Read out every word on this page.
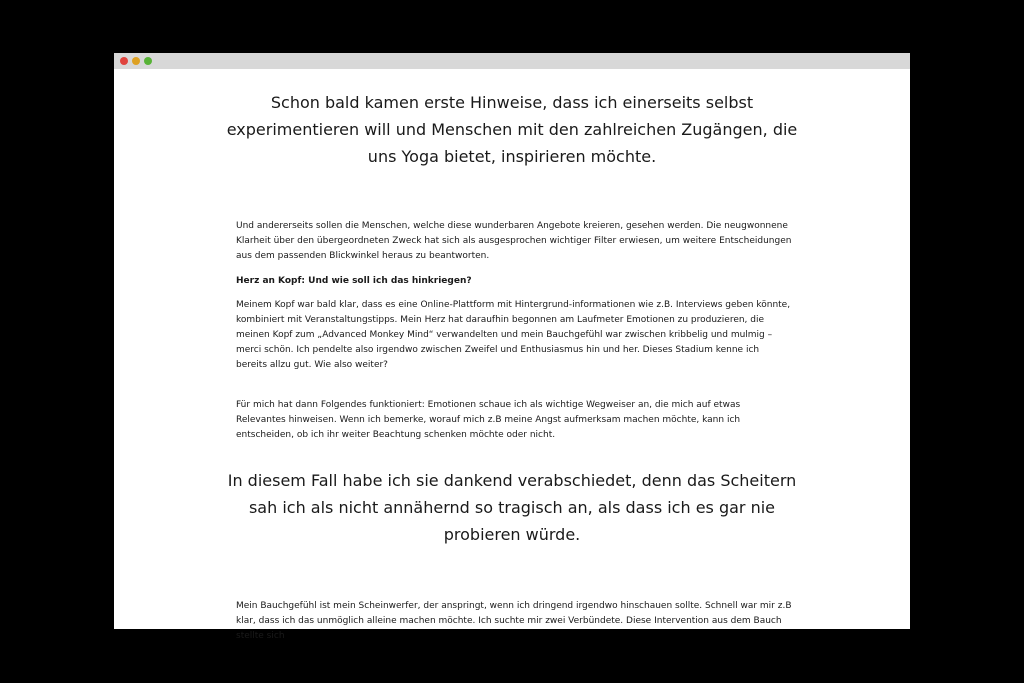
Schon bald kamen erste Hinweise, dass ich einerseits selbst experimentieren will und Menschen mit den zahlreichen Zugängen, die uns Yoga bietet, inspirieren möchte.

Und andererseits sollen die Menschen, welche diese wunderbaren Angebote kreieren, gesehen werden. Die neugwonnene Klarheit über den übergeordneten Zweck hat sich als ausgesprochen wichtiger Filter erwiesen, um weitere Entscheidungen aus dem passenden Blickwinkel heraus zu beantworten.

Herz an Kopf: Und wie soll ich das hinkriegen?

Meinem Kopf war bald klar, dass es eine Online-Plattform mit Hintergrund-informationen wie z.B. Interviews geben könnte, kombiniert mit Veranstaltungstipps. Mein Herz hat daraufhin begonnen am Laufmeter Emotionen zu produzieren, die meinen Kopf zum „Advanced Monkey Mind“ verwandelten und mein Bauchgefühl war zwischen kribbelig und mulmig – merci schön. Ich pendelte also irgendwo zwischen Zweifel und Enthusiasmus hin und her. Dieses Stadium kenne ich bereits allzu gut. Wie also weiter?

Für mich hat dann Folgendes funktioniert: Emotionen schaue ich als wichtige Wegweiser an, die mich auf etwas Relevantes hinweisen. Wenn ich bemerke, worauf mich z.B meine Angst aufmerksam machen möchte, kann ich entscheiden, ob ich ihr weiter Beachtung schenken möchte oder nicht.

In diesem Fall habe ich sie dankend verabschiedet, denn das Scheitern sah ich als nicht annähernd so tragisch an, als dass ich es gar nie probieren würde.

Mein Bauchgefühl ist mein Scheinwerfer, der anspringt, wenn ich dringend irgendwo hinschauen sollte. Schnell war mir z.B klar, dass ich das unmöglich alleine machen möchte. Ich suchte mir zwei Verbündete. Diese Intervention aus dem Bauch stellte sich
